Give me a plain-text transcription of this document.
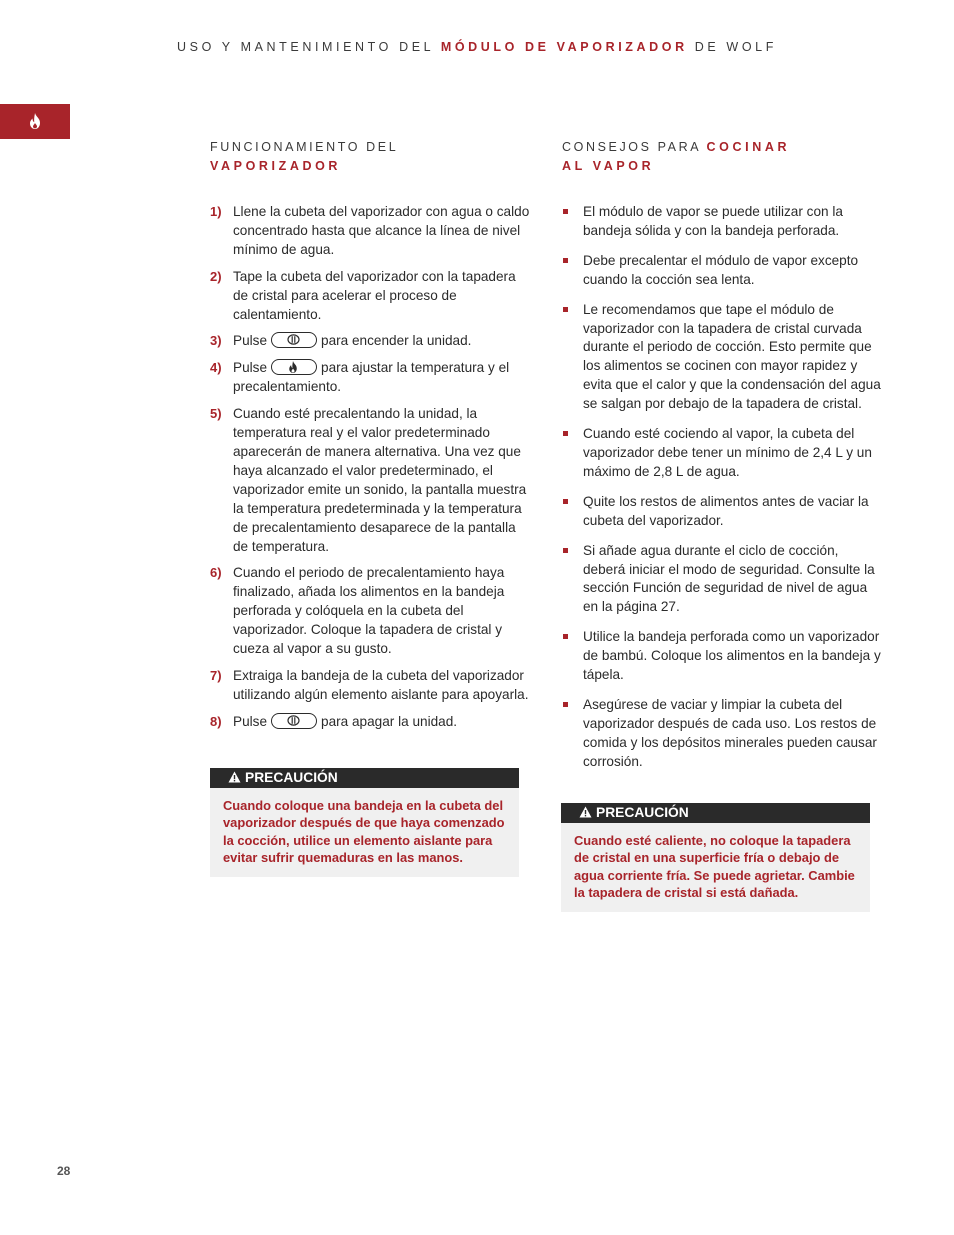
USO Y MANTENIMIENTO DEL MÓDULO DE VAPORIZADOR DE WOLF
FUNCIONAMIENTO DEL
VAPORIZADOR
1) Llene la cubeta del vaporizador con agua o caldo concentrado hasta que alcance la línea de nivel mínimo de agua.
2) Tape la cubeta del vaporizador con la tapadera de cristal para acelerar el proceso de calentamiento.
3) Pulse	para encender la unidad.
4) Pulse	para ajustar la temperatura y el precalentamiento.
5) Cuando esté precalentando la unidad, la temperatura real y el valor predeterminado aparecerán de manera alternativa. Una vez que haya alcanzado el valor predeterminado, el vaporizador emite un sonido, la pantalla muestra la temperatura predeterminada y la temperatura de precalentamiento desaparece de la pantalla de temperatura.
6) Cuando el periodo de precalentamiento haya finalizado, añada los alimentos en la bandeja perforada y colóquela en la cubeta del vaporizador. Coloque la tapadera de cristal y cueza al vapor a su gusto.
7) Extraiga la bandeja de la cubeta del vaporizador utilizando algún elemento aislante para apoyarla.
8) Pulse	para apagar la unidad.
PRECAUCIÓN
Cuando coloque una bandeja en la cubeta del vaporizador después de que haya comenzado la cocción, utilice un elemento aislante para evitar sufrir quemaduras en las manos.
CONSEJOS PARA COCINAR
AL VAPOR
El módulo de vapor se puede utilizar con la bandeja sólida y con la bandeja perforada.
Debe precalentar el módulo de vapor excepto cuando la cocción sea lenta.
Le recomendamos que tape el módulo de vaporizador con la tapadera de cristal curvada durante el periodo de cocción. Esto permite que los alimentos se cocinen con mayor rapidez y evita que el calor y que la condensación del agua se salgan por debajo de la tapadera de cristal.
Cuando esté cociendo al vapor, la cubeta del vaporizador debe tener un mínimo de 2,4 L y un máximo de 2,8 L de agua.
Quite los restos de alimentos antes de vaciar la cubeta del vaporizador.
Si añade agua durante el ciclo de cocción, deberá iniciar el modo de seguridad. Consulte la sección Función de seguridad de nivel de agua en la página 27.
Utilice la bandeja perforada como un vaporizador de bambú. Coloque los alimentos en la bandeja y tápela.
Asegúrese de vaciar y limpiar la cubeta del vaporizador después de cada uso. Los restos de comida y los depósitos minerales pueden causar corrosión.
PRECAUCIÓN
Cuando esté caliente, no coloque la tapadera de cristal en una superficie fría o debajo de agua corriente fría. Se puede agrietar. Cambie la tapadera de cristal si está dañada.
28
